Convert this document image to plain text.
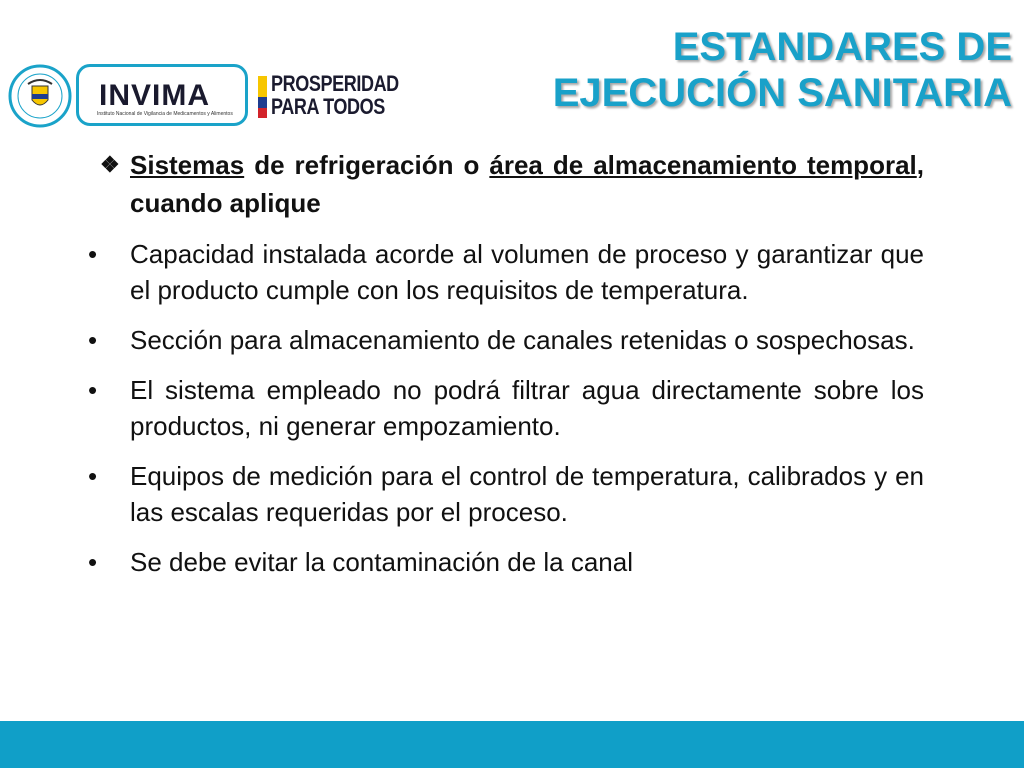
INVIMA
Instituto Nacional de Vigilancia de Medicamentos y Alimentos
PROSPERIDAD
PARA TODOS
ESTANDARES DE
EJECUCIÓN SANITARIA
❖ Sistemas de refrigeración o área de almacenamiento temporal, cuando aplique
• Capacidad instalada acorde al volumen de proceso y garantizar que el producto cumple con los requisitos de temperatura.
• Sección para almacenamiento de canales retenidas o sospechosas.
• El sistema empleado no podrá filtrar agua directamente sobre los productos, ni generar empozamiento.
• Equipos de medición para el control de temperatura, calibrados y en las escalas requeridas por el proceso.
• Se debe evitar la contaminación de la canal
